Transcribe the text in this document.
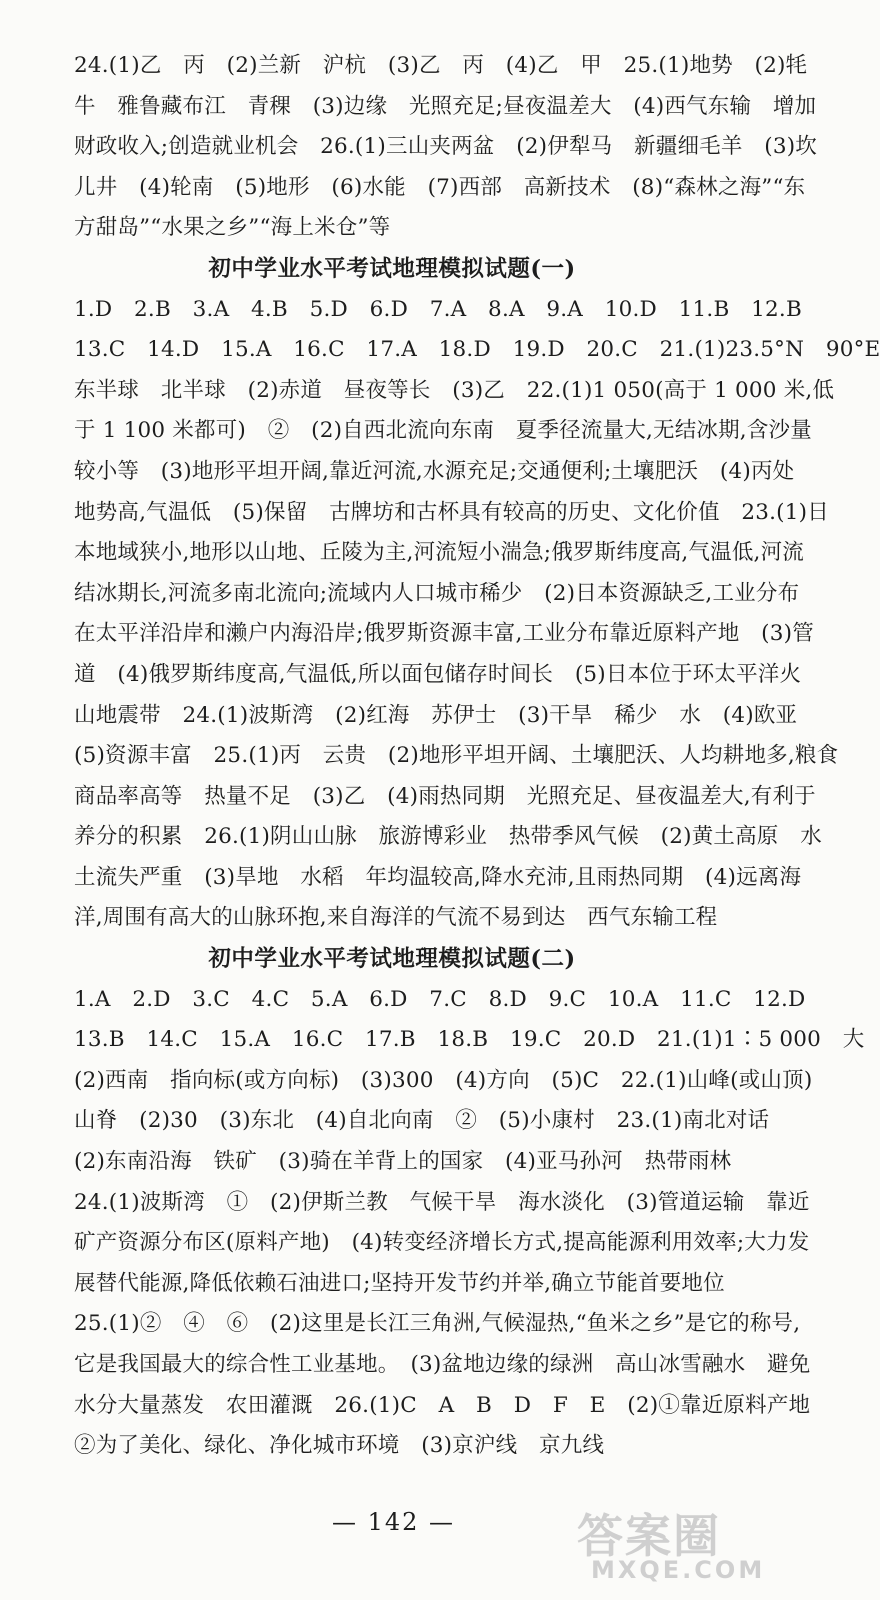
24.(1)乙　丙　(2)兰新　沪杭　(3)乙　丙　(4)乙　甲　25.(1)地势　(2)牦
牛　雅鲁藏布江　青稞　(3)边缘　光照充足;昼夜温差大　(4)西气东输　增加
财政收入;创造就业机会　26.(1)三山夹两盆　(2)伊犁马　新疆细毛羊　(3)坎
儿井　(4)轮南　(5)地形　(6)水能　(7)西部　高新技术　(8)“森林之海”“东
方甜岛”“水果之乡”“海上米仓”等
初中学业水平考试地理模拟试题(一)
1.D　2.B　3.A　4.B　5.D　6.D　7.A　8.A　9.A　10.D　11.B　12.B
13.C　14.D　15.A　16.C　17.A　18.D　19.D　20.C　21.(1)23.5°N　90°E
东半球　北半球　(2)赤道　昼夜等长　(3)乙　22.(1)1 050(高于 1 000 米,低
于 1 100 米都可)　②　(2)自西北流向东南　夏季径流量大,无结冰期,含沙量
较小等　(3)地形平坦开阔,靠近河流,水源充足;交通便利;土壤肥沃　(4)丙处
地势高,气温低　(5)保留　古牌坊和古杯具有较高的历史、文化价值　23.(1)日
本地域狭小,地形以山地、丘陵为主,河流短小湍急;俄罗斯纬度高,气温低,河流
结冰期长,河流多南北流向;流域内人口城市稀少　(2)日本资源缺乏,工业分布
在太平洋沿岸和濑户内海沿岸;俄罗斯资源丰富,工业分布靠近原料产地　(3)管
道　(4)俄罗斯纬度高,气温低,所以面包储存时间长　(5)日本位于环太平洋火
山地震带　24.(1)波斯湾　(2)红海　苏伊士　(3)干旱　稀少　水　(4)欧亚
(5)资源丰富　25.(1)丙　云贵　(2)地形平坦开阔、土壤肥沃、人均耕地多,粮食
商品率高等　热量不足　(3)乙　(4)雨热同期　光照充足、昼夜温差大,有利于
养分的积累　26.(1)阴山山脉　旅游博彩业　热带季风气候　(2)黄土高原　水
土流失严重　(3)旱地　水稻　年均温较高,降水充沛,且雨热同期　(4)远离海
洋,周围有高大的山脉环抱,来自海洋的气流不易到达　西气东输工程
初中学业水平考试地理模拟试题(二)
1.A　2.D　3.C　4.C　5.A　6.D　7.C　8.D　9.C　10.A　11.C　12.D
13.B　14.C　15.A　16.C　17.B　18.B　19.C　20.D　21.(1)1∶5 000　大
(2)西南　指向标(或方向标)　(3)300　(4)方向　(5)C　22.(1)山峰(或山顶)
山脊　(2)30　(3)东北　(4)自北向南　②　(5)小康村　23.(1)南北对话
(2)东南沿海　铁矿　(3)骑在羊背上的国家　(4)亚马孙河　热带雨林
24.(1)波斯湾　①　(2)伊斯兰教　气候干旱　海水淡化　(3)管道运输　靠近
矿产资源分布区(原料产地)　(4)转变经济增长方式,提高能源利用效率;大力发
展替代能源,降低依赖石油进口;坚持开发节约并举,确立节能首要地位
25.(1)②　④　⑥　(2)这里是长江三角洲,气候湿热,“鱼米之乡”是它的称号,
它是我国最大的综合性工业基地。　(3)盆地边缘的绿洲　高山冰雪融水　避免
水分大量蒸发　农田灌溉　26.(1)C　A　B　D　F　E　(2)①靠近原料产地
②为了美化、绿化、净化城市环境　(3)京沪线　京九线
— 142 —	答案圈
MXQE.COM
